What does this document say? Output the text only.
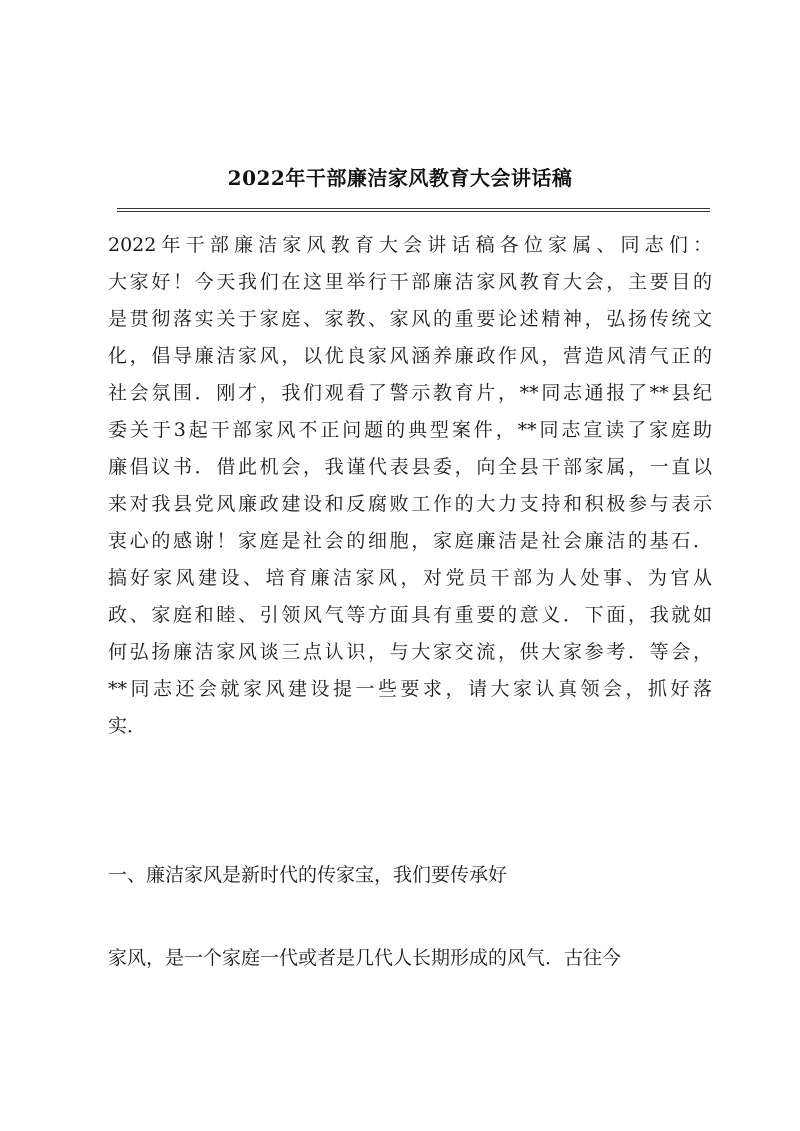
2022年干部廉洁家风教育大会讲话稿
2022年干部廉洁家风教育大会讲话稿各位家属、同志们：
大家好！今天我们在这里举行干部廉洁家风教育大会，主要目的
是贯彻落实关于家庭、家教、家风的重要论述精神，弘扬传统文
化，倡导廉洁家风，以优良家风涵养廉政作风，营造风清气正的
社会氛围．刚才，我们观看了警示教育片，**同志通报了**县纪
委关于3起干部家风不正问题的典型案件，**同志宣读了家庭助
廉倡议书．借此机会，我谨代表县委，向全县干部家属，一直以
来对我县党风廉政建设和反腐败工作的大力支持和积极参与表示
衷心的感谢！家庭是社会的细胞，家庭廉洁是社会廉洁的基石．
搞好家风建设、培育廉洁家风，对党员干部为人处事、为官从
政、家庭和睦、引领风气等方面具有重要的意义．下面，我就如
何弘扬廉洁家风谈三点认识，与大家交流，供大家参考．等会，
**同志还会就家风建设提一些要求，请大家认真领会，抓好落
实．
一、廉洁家风是新时代的传家宝，我们要传承好
家风，是一个家庭一代或者是几代人长期形成的风气．古往今
